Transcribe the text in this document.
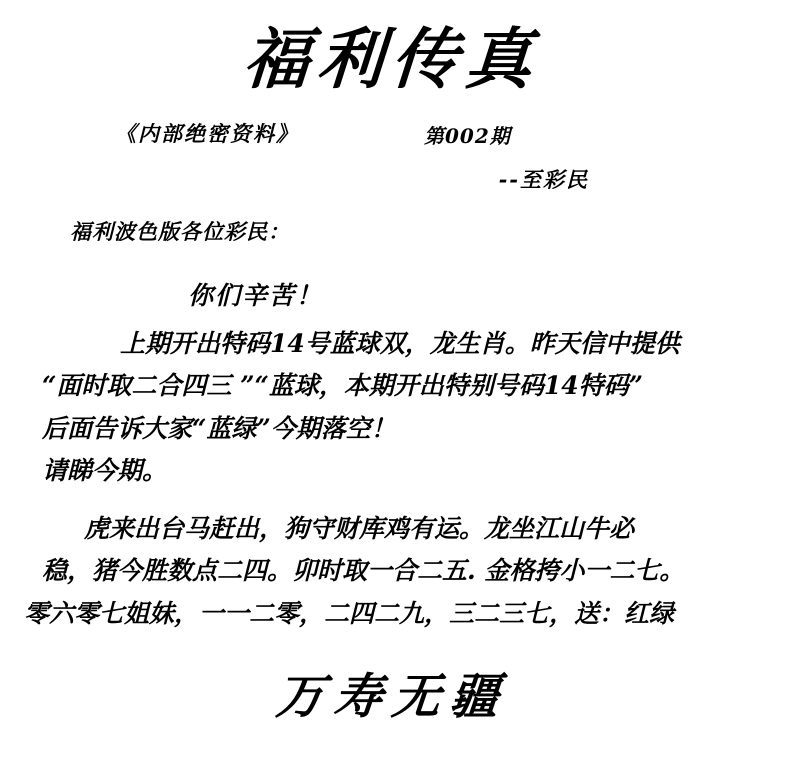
福利传真
《内部绝密资料》	第002期
--至彩民
福利波色版各位彩民：
你们辛苦！

上期开出特码14号蓝球双，龙生肖。昨天信中提供

“面时取二合四三 ”“蓝球，本期开出特别号码14特码”

后面告诉大家“蓝绿”今期落空！

请睇今期。

虎来出台马赶出，狗守财库鸡有运。龙坐江山牛必

稳，猪今胜数点二四。卯时取一合二五. 金格挎小一二七。

零六零七姐妹，一一二零，二四二九，三二三七，送：红绿

万寿无疆
